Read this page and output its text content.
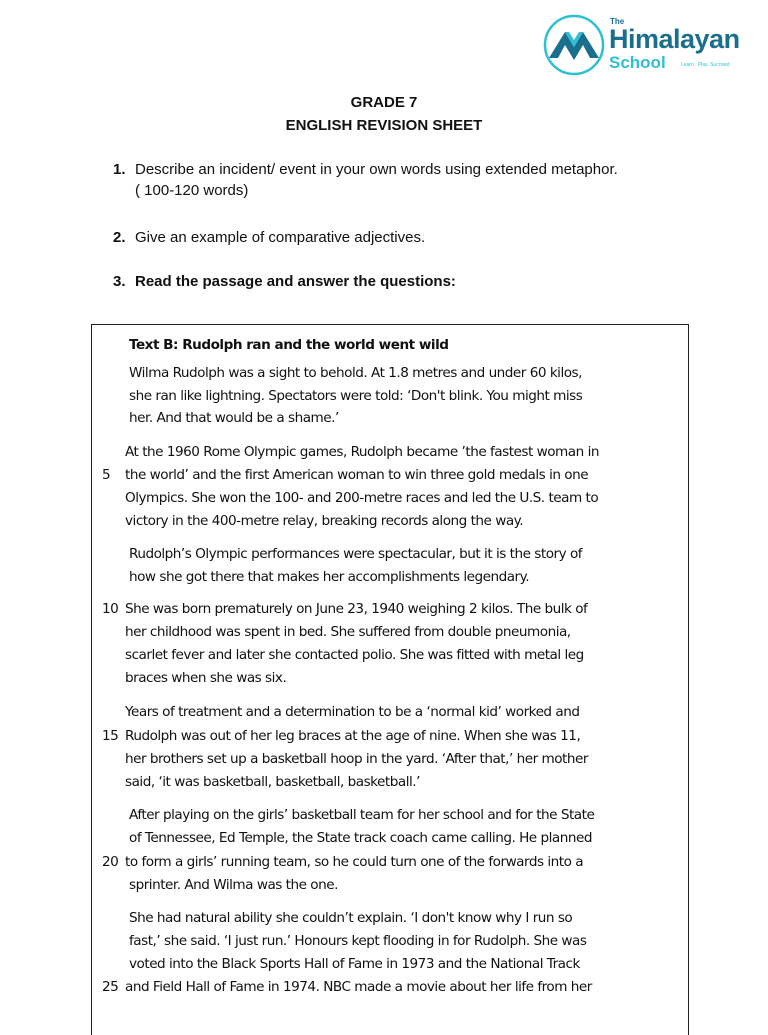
The
Himalayan
School	Learn . Play. Succeed
GRADE 7
ENGLISH REVISION SHEET
1. Describe an incident/ event in your own words using extended metaphor.
( 100-120 words)
2. Give an example of comparative adjectives.
3. Read the passage and answer the questions:
Text B: Rudolph ran and the world went wild
Wilma Rudolph was a sight to behold. At 1.8 metres and under 60 kilos,
she ran like lightning. Spectators were told: ‘Don't blink. You might miss
her. And that would be a shame.’
At the 1960 Rome Olympic games, Rudolph became ’the fastest woman in
5 the world’ and the first American woman to win three gold medals in one
Olympics. She won the 100- and 200-metre races and led the U.S. team to
victory in the 400-metre relay, breaking records along the way.
Rudolph’s Olympic performances were spectacular, but it is the story of
how she got there that makes her accomplishments legendary.
10 She was born prematurely on June 23, 1940 weighing 2 kilos. The bulk of
her childhood was spent in bed. She suffered from double pneumonia,
scarlet fever and later she contacted polio. She was fitted with metal leg
braces when she was six.
Years of treatment and a determination to be a ‘normal kid’ worked and
15 Rudolph was out of her leg braces at the age of nine. When she was 11,
her brothers set up a basketball hoop in the yard. ‘After that,’ her mother
said, ‘it was basketball, basketball, basketball.’
After playing on the girls’ basketball team for her school and for the State
of Tennessee, Ed Temple, the State track coach came calling. He planned
20 to form a girls’ running team, so he could turn one of the forwards into a
sprinter. And Wilma was the one.
She had natural ability she couldn’t explain. ‘I don't know why I run so
fast,’ she said. ‘I just run.’ Honours kept flooding in for Rudolph. She was
voted into the Black Sports Hall of Fame in 1973 and the National Track
25 and Field Hall of Fame in 1974. NBC made a movie about her life from her
